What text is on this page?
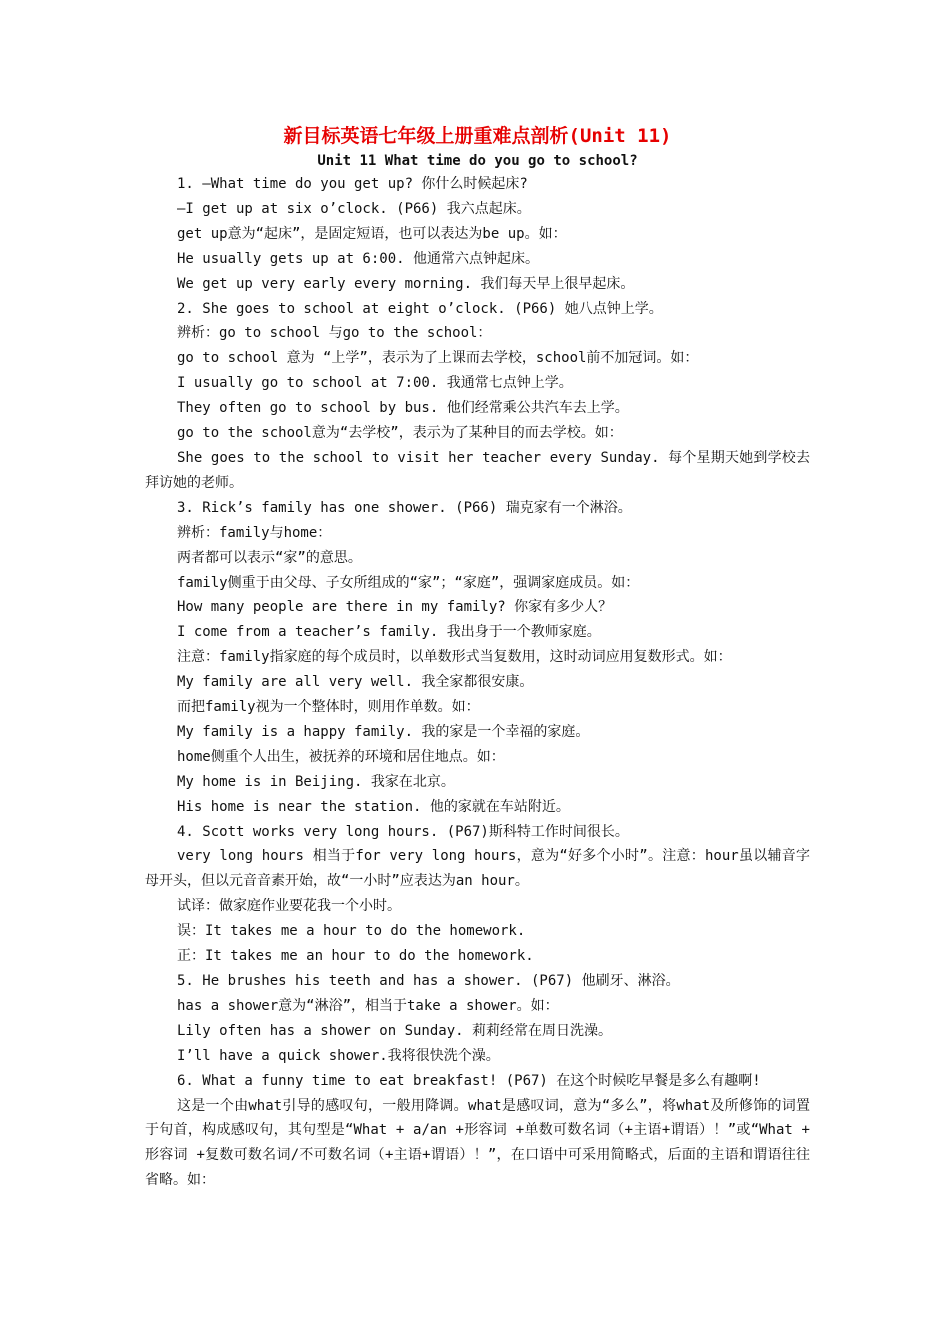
新目标英语七年级上册重难点剖析(Unit 11)
Unit 11 What time do you go to school?
1. —What time do you get up? 你什么时候起床?
—I get up at six o’clock. (P66) 我六点起床。
get up意为“起床”，是固定短语，也可以表达为be up。如：
He usually gets up at 6:00. 他通常六点钟起床。
We get up very early every morning. 我们每天早上很早起床。
2. She goes to school at eight o’clock. (P66) 她八点钟上学。
辨析：go to school 与go to the school：
go to school 意为 “上学”，表示为了上课而去学校，school前不加冠词。如：
I usually go to school at 7:00. 我通常七点钟上学。
They often go to school by bus. 他们经常乘公共汽车去上学。
go to the school意为“去学校”，表示为了某种目的而去学校。如：
She goes to the school to visit her teacher every Sunday. 每个星期天她到学校去拜访她的老师。
3. Rick’s family has one shower. (P66) 瑞克家有一个淋浴。
辨析：family与home：
两者都可以表示“家”的意思。
family侧重于由父母、子女所组成的“家”；“家庭”，强调家庭成员。如：
How many people are there in my family? 你家有多少人？
I come from a teacher’s family. 我出身于一个教师家庭。
注意：family指家庭的每个成员时，以单数形式当复数用，这时动词应用复数形式。如：
My family are all very well. 我全家都很安康。
而把family视为一个整体时，则用作单数。如：
My family is a happy family. 我的家是一个幸福的家庭。
home侧重个人出生，被抚养的环境和居住地点。如：
My home is in Beijing. 我家在北京。
His home is near the station. 他的家就在车站附近。
4. Scott works very long hours. (P67)斯科特工作时间很长。
very long hours 相当于for very long hours，意为“好多个小时”。注意：hour虽以辅音字母开头，但以元音音素开始，故“一小时”应表达为an hour。
试译：做家庭作业要花我一个小时。
误：It takes me a hour to do the homework.
正：It takes me an hour to do the homework.
5. He brushes his teeth and has a shower. (P67) 他刷牙、淋浴。
has a shower意为“淋浴”，相当于take a shower。如：
Lily often has a shower on Sunday. 莉莉经常在周日洗澡。
I’ll have a quick shower.我将很快洗个澡。
6. What a funny time to eat breakfast! (P67) 在这个时候吃早餐是多么有趣啊!
这是一个由what引导的感叹句，一般用降调。what是感叹词，意为“多么”，将what及所修饰的词置于句首，构成感叹句，其句型是“What + a/an +形容词 +单数可数名词（+主语+谓语）！”或“What + 形容词 +复数可数名词/不可数名词（+主语+谓语）！”，在口语中可采用简略式，后面的主语和谓语往往省略。如：
